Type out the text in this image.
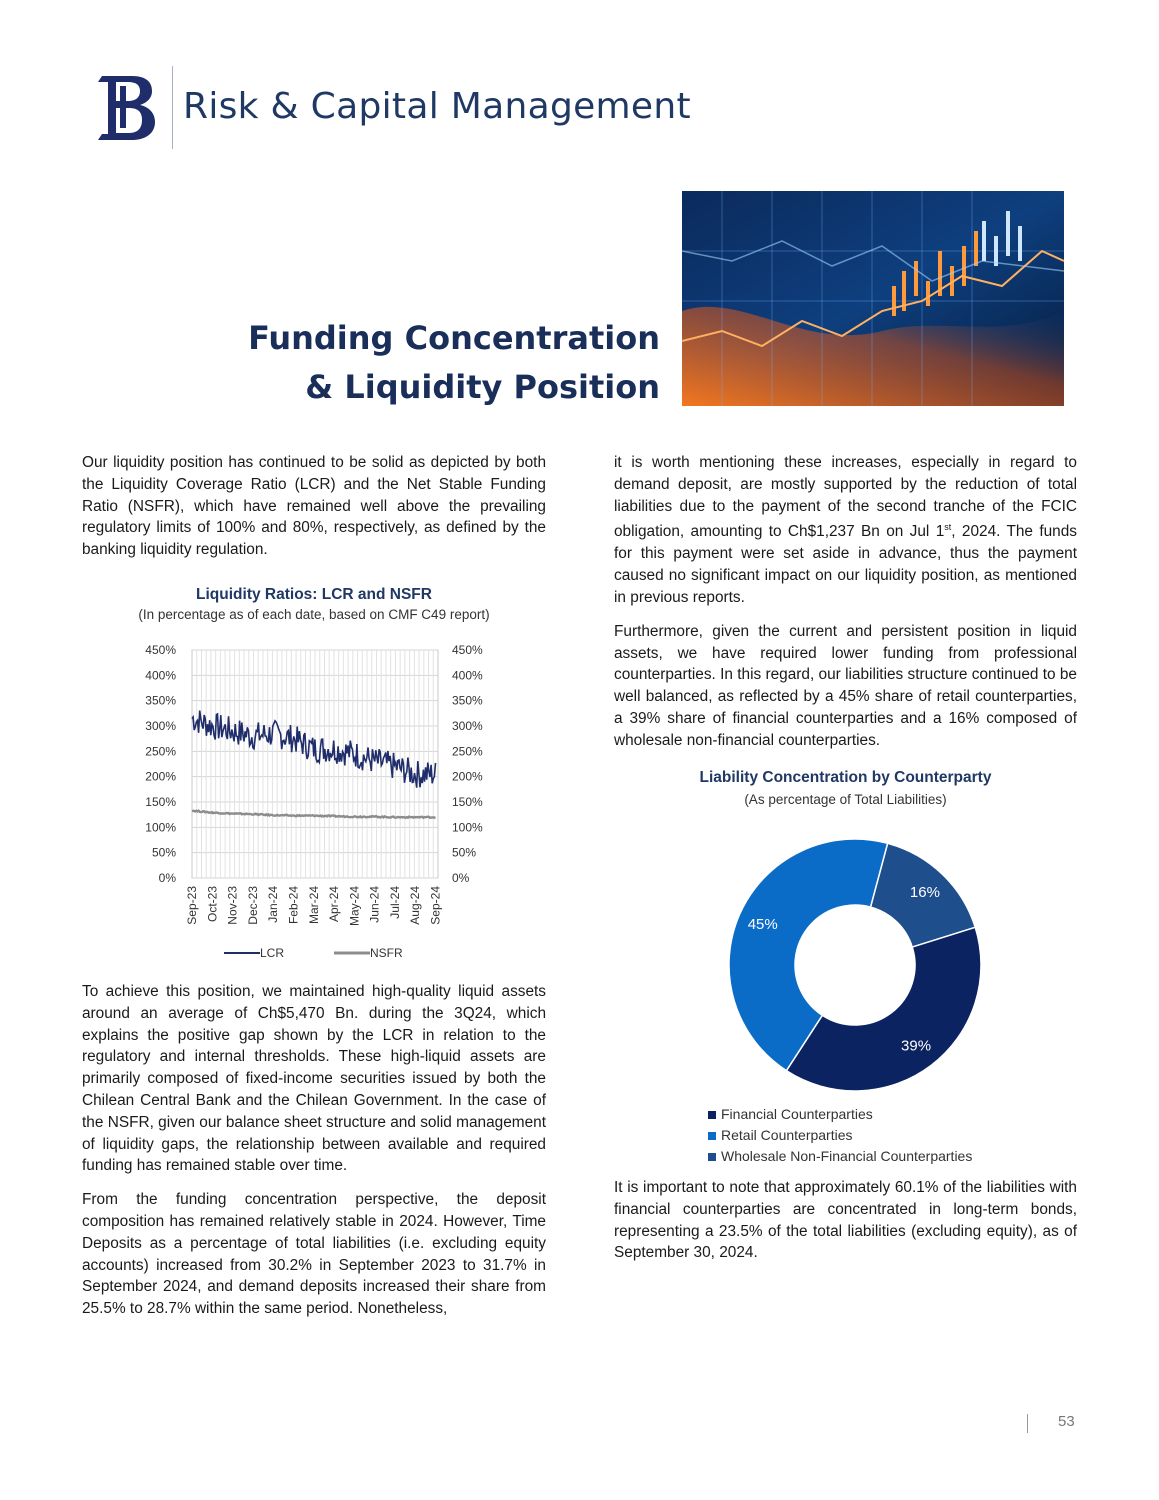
Risk & Capital Management
Funding Concentration
& Liquidity Position

Our liquidity position has continued to be solid as depicted by both the Liquidity Coverage Ratio (LCR) and the Net Stable Funding Ratio (NSFR), which have remained well above the prevailing regulatory limits of 100% and 80%, respectively, as defined by the banking liquidity regulation.

Liquidity Ratios: LCR and NSFR
(In percentage as of each date, based on CMF C49 report)
0%
50%
100%
150%
200%
250%
300%
350%
400%
450%
0%
50%
100%
150%
200%
250%
300%
350%
400%
450%
Sep-23 Oct-23 Nov-23 Dec-23 Jan-24 Feb-24 Mar-24 Apr-24 May-24 Jun-24 Jul-24 Aug-24 Sep-24
LCR	NSFR

To achieve this position, we maintained high-quality liquid assets around an average of Ch$5,470 Bn. during the 3Q24, which explains the positive gap shown by the LCR in relation to the regulatory and internal thresholds. These high-liquid assets are primarily composed of fixed-income securities issued by both the Chilean Central Bank and the Chilean Government. In the case of the NSFR, given our balance sheet structure and solid management of liquidity gaps, the relationship between available and required funding has remained stable over time.

From the funding concentration perspective, the deposit composition has remained relatively stable in 2024. However, Time Deposits as a percentage of total liabilities (i.e. excluding equity accounts) increased from 30.2% in September 2023 to 31.7% in September 2024, and demand deposits increased their share from 25.5% to 28.7% within the same period. Nonetheless,

it is worth mentioning these increases, especially in regard to demand deposit, are mostly supported by the reduction of total liabilities due to the payment of the second tranche of the FCIC obligation, amounting to Ch$1,237 Bn on Jul 1st, 2024. The funds for this payment were set aside in advance, thus the payment caused no significant impact on our liquidity position, as mentioned in previous reports.

Furthermore, given the current and persistent position in liquid assets, we have required lower funding from professional counterparties. In this regard, our liabilities structure continued to be well balanced, as reflected by a 45% share of retail counterparties, a 39% share of financial counterparties and a 16% composed of wholesale non-financial counterparties.

Liability Concentration by Counterparty
(As percentage of Total Liabilities)
16%
39%
45%
Financial Counterparties
Retail Counterparties
Wholesale Non-Financial Counterparties

It is important to note that approximately 60.1% of the liabilities with financial counterparties are concentrated in long-term bonds, representing a 23.5% of the total liabilities (excluding equity), as of September 30, 2024.

53
